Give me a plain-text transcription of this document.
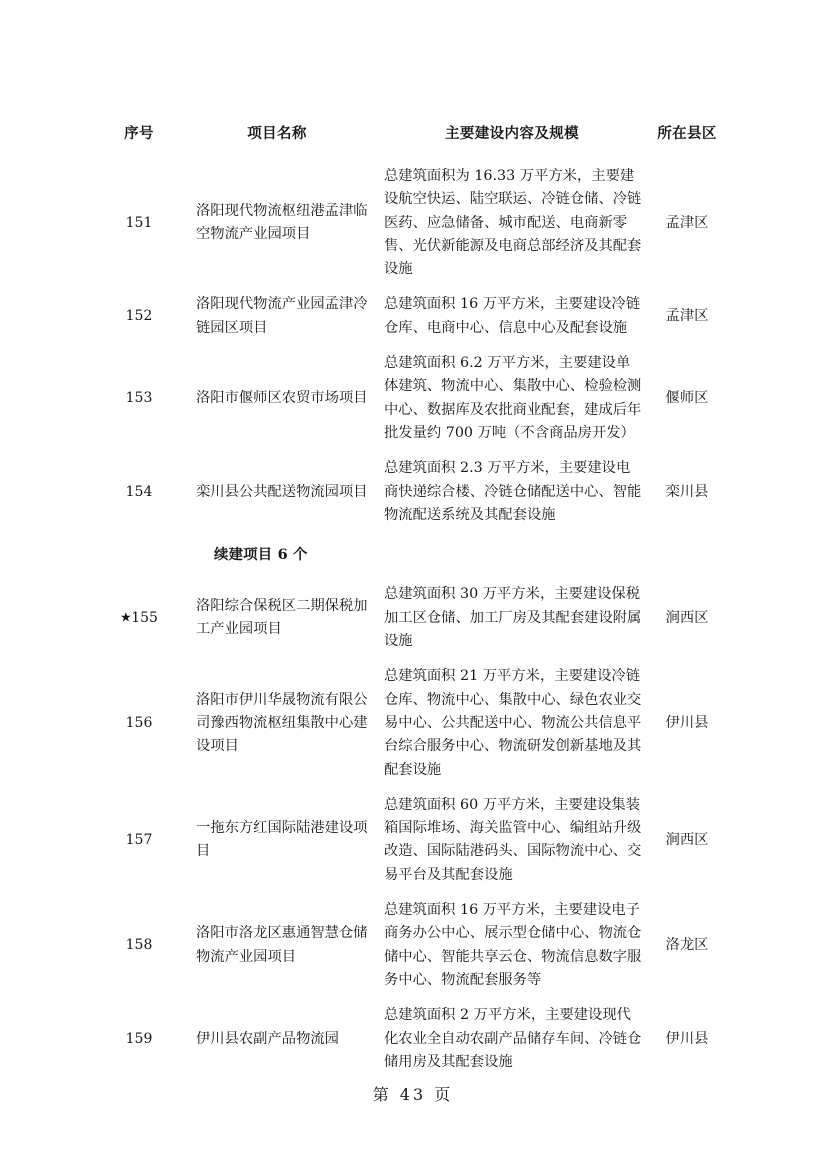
序号	项目名称	主要建设内容及规模	所在县区
151	洛阳现代物流枢纽港孟津临空物流产业园项目	总建筑面积为 16.33 万平方米，主要建设航空快运、陆空联运、冷链仓储、冷链医药、应急储备、城市配送、电商新零售、光伏新能源及电商总部经济及其配套设施	孟津区
152	洛阳现代物流产业园孟津冷链园区项目	总建筑面积 16 万平方米，主要建设冷链仓库、电商中心、信息中心及配套设施	孟津区
153	洛阳市偃师区农贸市场项目	总建筑面积 6.2 万平方米，主要建设单体建筑、物流中心、集散中心、检验检测中心、数据库及农批商业配套，建成后年批发量约 700 万吨（不含商品房开发）	偃师区
154	栾川县公共配送物流园项目	总建筑面积 2.3 万平方米，主要建设电商快递综合楼、冷链仓储配送中心、智能物流配送系统及其配套设施	栾川县
	续建项目 6 个		
★155	洛阳综合保税区二期保税加工产业园项目	总建筑面积 30 万平方米，主要建设保税加工区仓储、加工厂房及其配套建设附属设施	涧西区
156	洛阳市伊川华晟物流有限公司豫西物流枢纽集散中心建设项目	总建筑面积 21 万平方米，主要建设冷链仓库、物流中心、集散中心、绿色农业交易中心、公共配送中心、物流公共信息平台综合服务中心、物流研发创新基地及其配套设施	伊川县
157	一拖东方红国际陆港建设项目	总建筑面积 60 万平方米，主要建设集装箱国际堆场、海关监管中心、编组站升级改造、国际陆港码头、国际物流中心、交易平台及其配套设施	涧西区
158	洛阳市洛龙区惠通智慧仓储物流产业园项目	总建筑面积 16 万平方米，主要建设电子商务办公中心、展示型仓储中心、物流仓储中心、智能共享云仓、物流信息数字服务中心、物流配套服务等	洛龙区
159	伊川县农副产品物流园	总建筑面积 2 万平方米，主要建设现代化农业全自动农副产品储存车间、冷链仓储用房及其配套设施	伊川县
第 43 页
